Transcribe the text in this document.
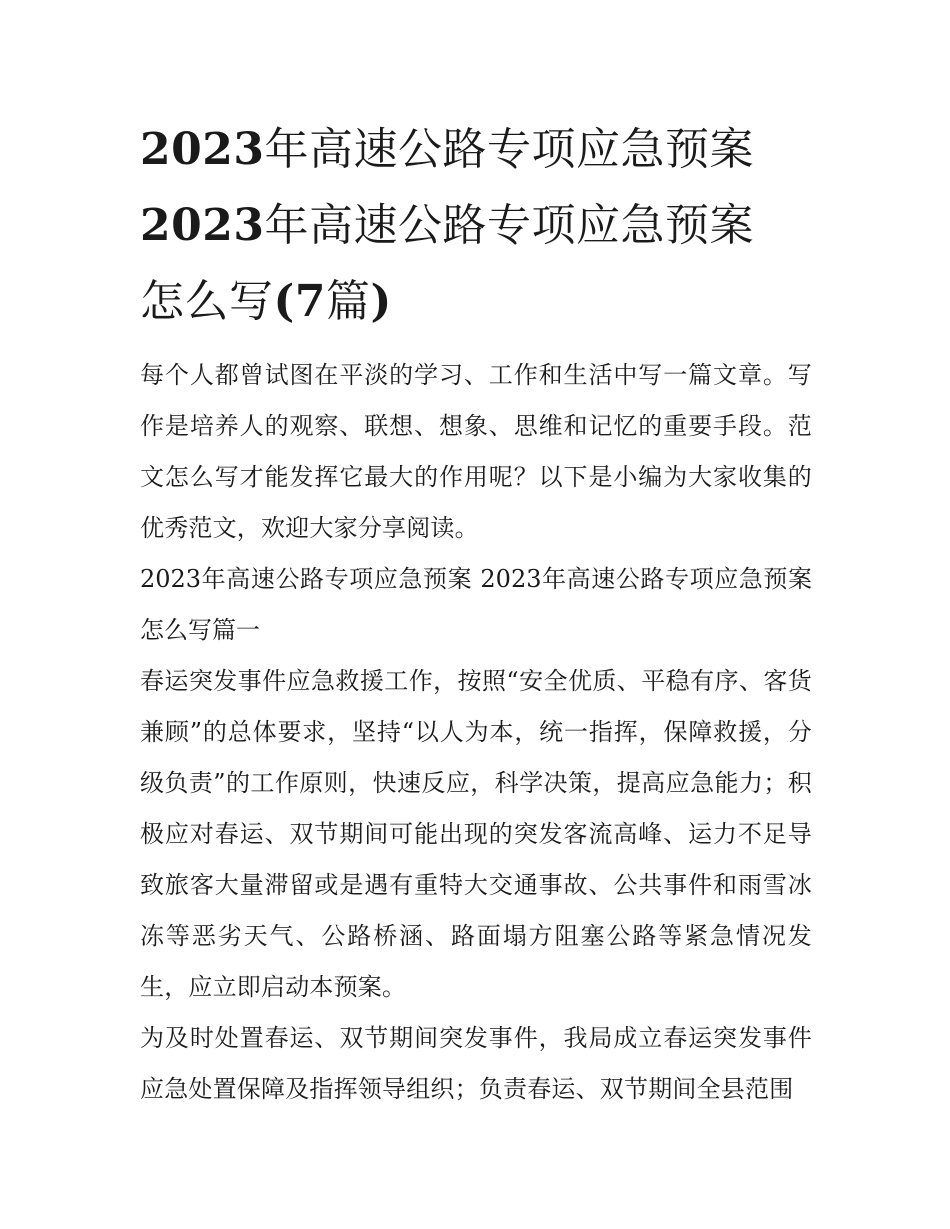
2023年高速公路专项应急预案
2023年高速公路专项应急预案
怎么写(7篇)

每个人都曾试图在平淡的学习、工作和生活中写一篇文章。写作是培养人的观察、联想、想象、思维和记忆的重要手段。范文怎么写才能发挥它最大的作用呢？以下是小编为大家收集的优秀范文，欢迎大家分享阅读。

2023年高速公路专项应急预案 2023年高速公路专项应急预案怎么写篇一

春运突发事件应急救援工作，按照“安全优质、平稳有序、客货兼顾”的总体要求，坚持“以人为本，统一指挥，保障救援，分级负责”的工作原则，快速反应，科学决策，提高应急能力；积极应对春运、双节期间可能出现的突发客流高峰、运力不足导致旅客大量滞留或是遇有重特大交通事故、公共事件和雨雪冰冻等恶劣天气、公路桥涵、路面塌方阻塞公路等紧急情况发生，应立即启动本预案。

为及时处置春运、双节期间突发事件，我局成立春运突发事件应急处置保障及指挥领导组织；负责春运、双节期间全县范围
